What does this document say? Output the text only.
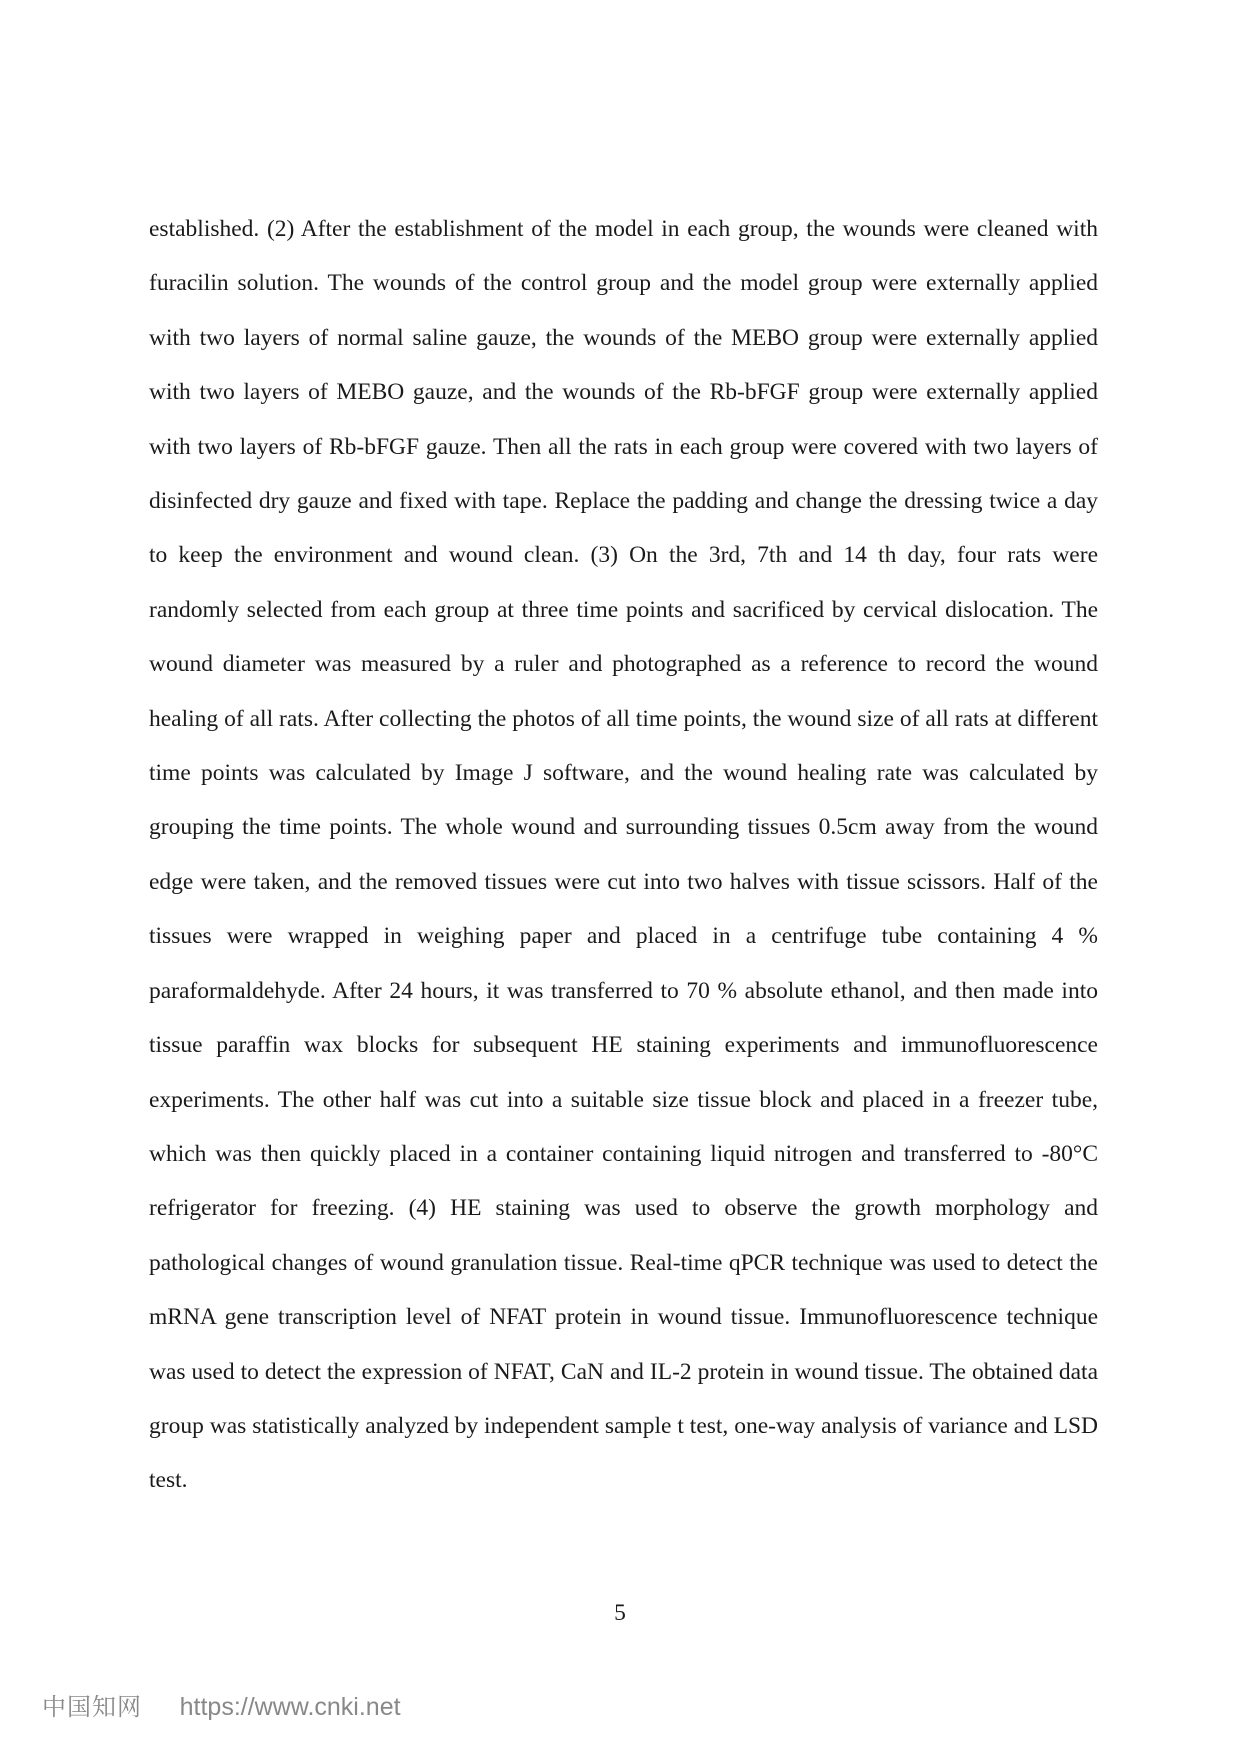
established. (2) After the establishment of the model in each group, the wounds were cleaned with furacilin solution. The wounds of the control group and the model group were externally applied with two layers of normal saline gauze, the wounds of the MEBO group were externally applied with two layers of MEBO gauze, and the wounds of the Rb-bFGF group were externally applied with two layers of Rb-bFGF gauze. Then all the rats in each group were covered with two layers of disinfected dry gauze and fixed with tape. Replace the padding and change the dressing twice a day to keep the environment and wound clean. (3) On the 3rd, 7th and 14 th day, four rats were randomly selected from each group at three time points and sacrificed by cervical dislocation. The wound diameter was measured by a ruler and photographed as a reference to record the wound healing of all rats. After collecting the photos of all time points, the wound size of all rats at different time points was calculated by Image J software, and the wound healing rate was calculated by grouping the time points. The whole wound and surrounding tissues 0.5cm away from the wound edge were taken, and the removed tissues were cut into two halves with tissue scissors. Half of the tissues were wrapped in weighing paper and placed in a centrifuge tube containing 4 % paraformaldehyde. After 24 hours, it was transferred to 70 % absolute ethanol, and then made into tissue paraffin wax blocks for subsequent HE staining experiments and immunofluorescence experiments. The other half was cut into a suitable size tissue block and placed in a freezer tube, which was then quickly placed in a container containing liquid nitrogen and transferred to -80°C refrigerator for freezing. (4) HE staining was used to observe the growth morphology and pathological changes of wound granulation tissue. Real-time qPCR technique was used to detect the mRNA gene transcription level of NFAT protein in wound tissue. Immunofluorescence technique was used to detect the expression of NFAT, CaN and IL-2 protein in wound tissue. The obtained data group was statistically analyzed by independent sample t test, one-way analysis of variance and LSD test.

5
中国知网 https://www.cnki.net
